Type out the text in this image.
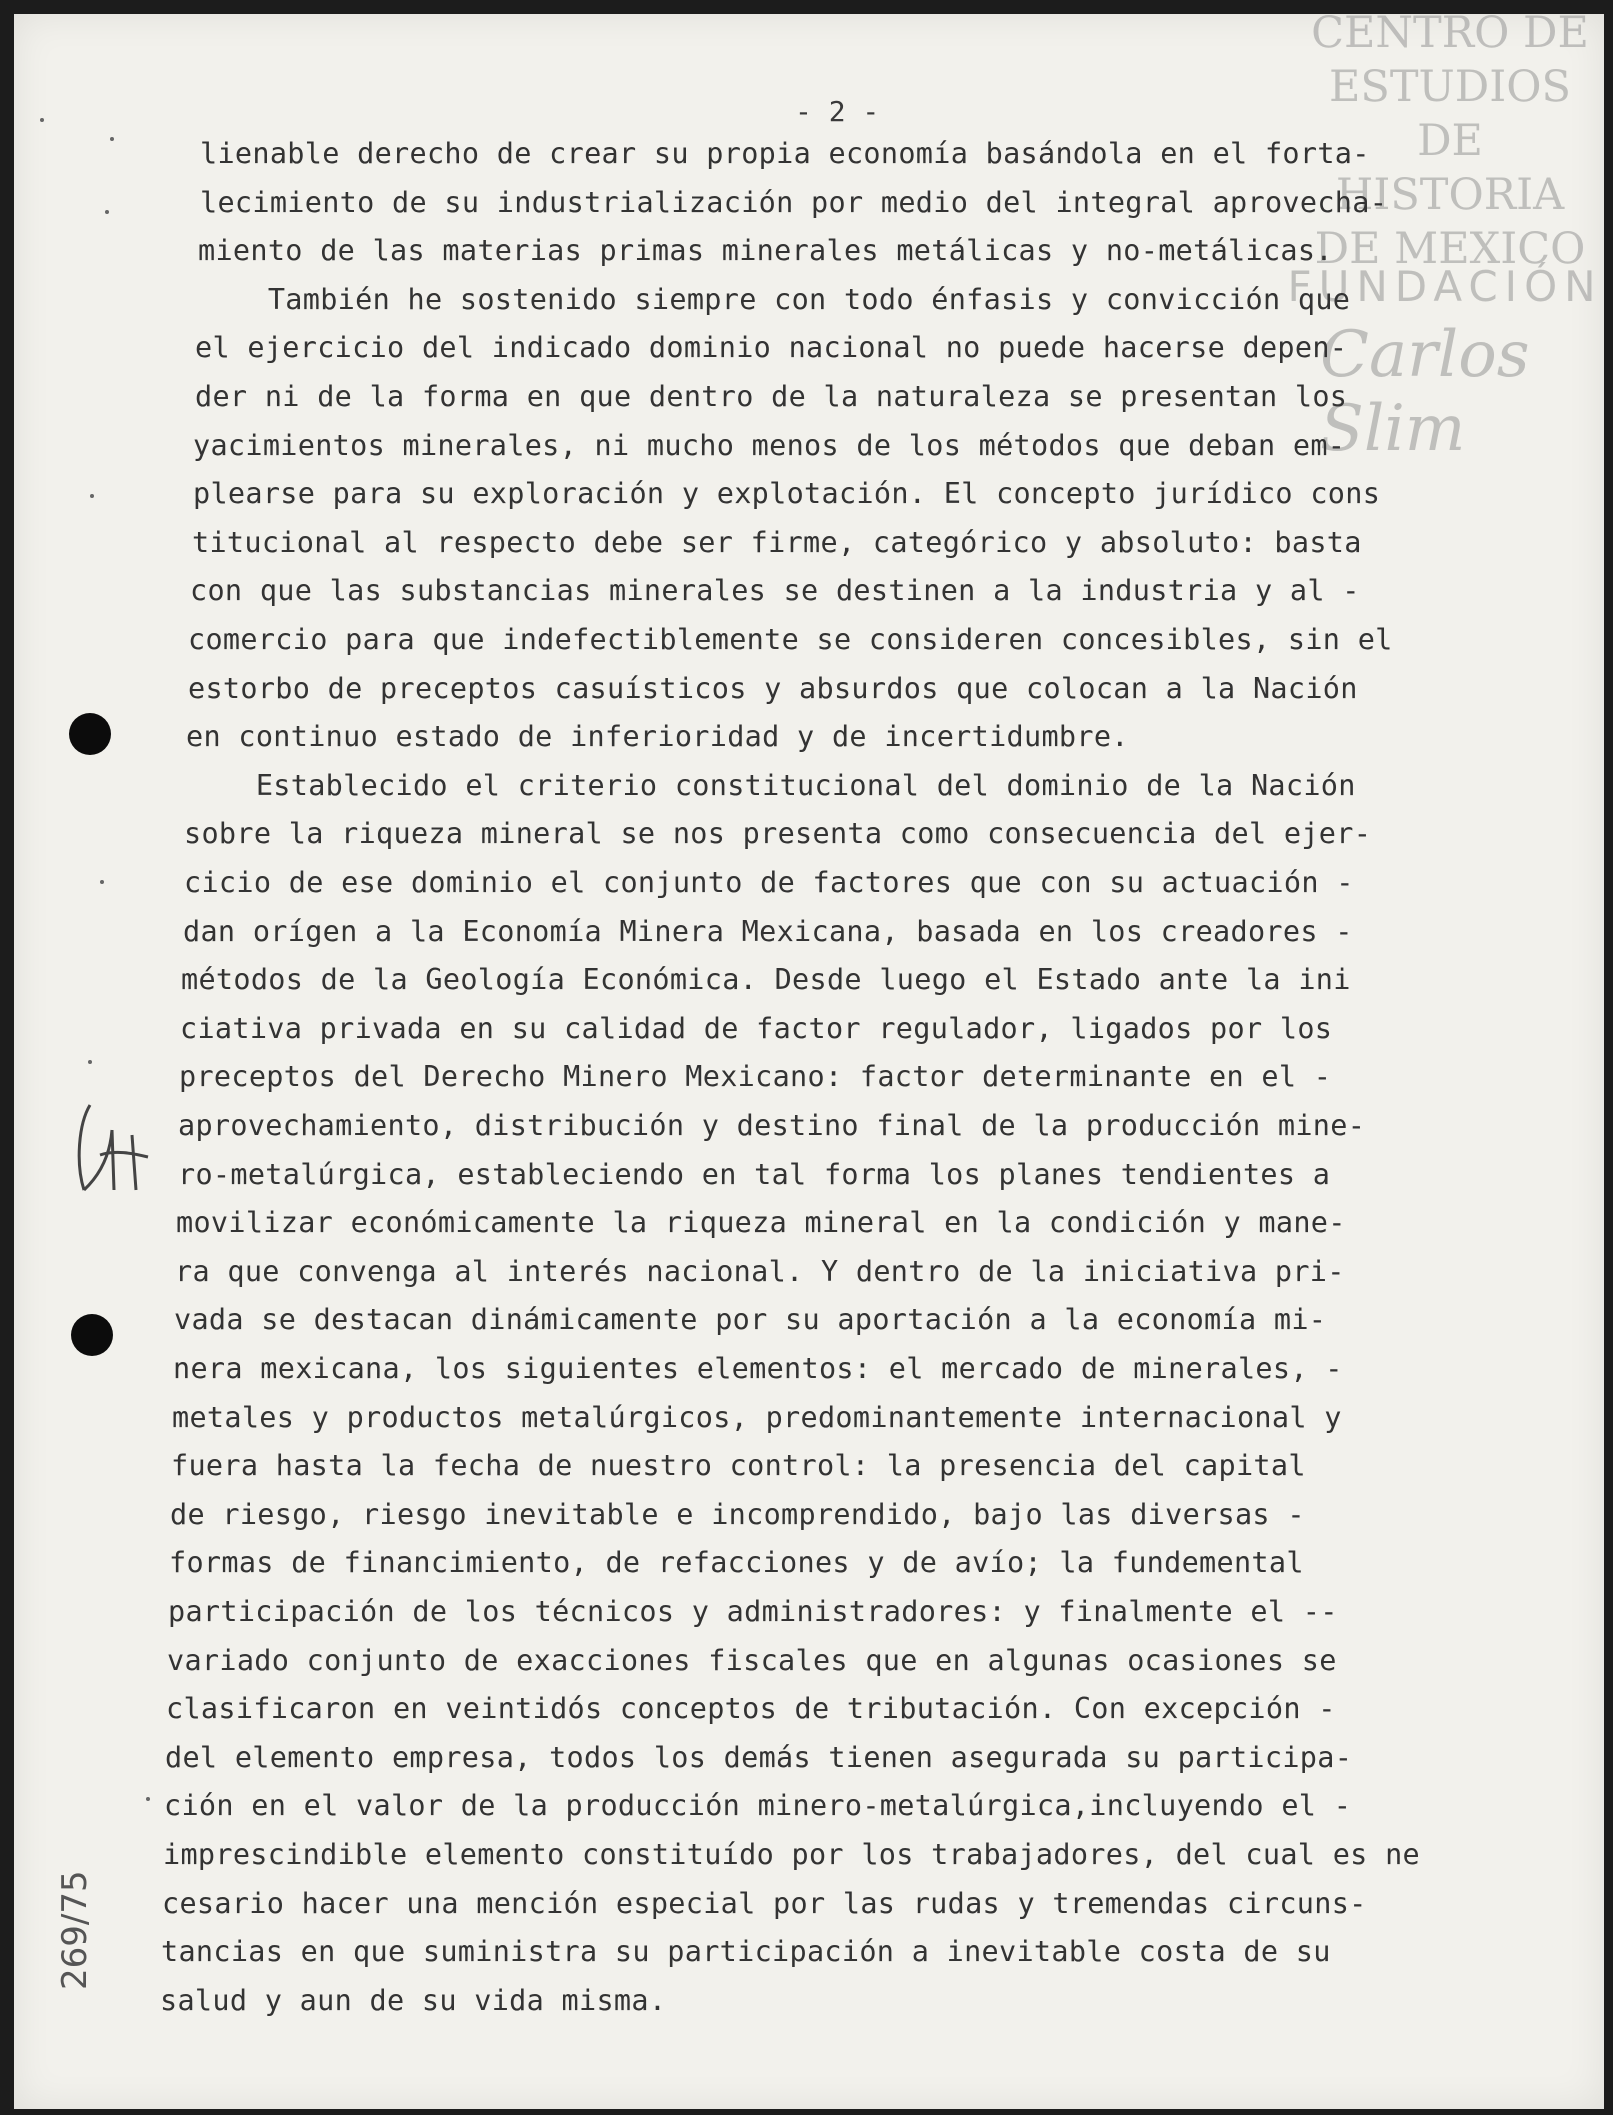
CENTRO DE
ESTUDIOS
DE HISTORIA
DE MEXICO
FUNDACIÓN
Carlos Slim
- 2 -
lienable derecho de crear su propia economía basándola en el forta-
lecimiento de su industrialización por medio del integral aprovecha-
miento de las materias primas minerales metálicas y no-metálicas.
También he sostenido siempre con todo énfasis y convicción que
el ejercicio del indicado dominio nacional no puede hacerse depen-
der ni de la forma en que dentro de la naturaleza se presentan los
yacimientos minerales, ni mucho menos de los métodos que deban em-
plearse para su exploración y explotación. El concepto jurídico cons
titucional al respecto debe ser firme, categórico y absoluto: basta
con que las substancias minerales se destinen a la industria y al -
comercio para que indefectiblemente se consideren concesibles, sin el
estorbo de preceptos casuísticos y absurdos que colocan a la Nación
en continuo estado de inferioridad y de incertidumbre.
Establecido el criterio constitucional del dominio de la Nación
sobre la riqueza mineral se nos presenta como consecuencia del ejer-
cicio de ese dominio el conjunto de factores que con su actuación -
dan orígen a la Economía Minera Mexicana, basada en los creadores -
métodos de la Geología Económica. Desde luego el Estado ante la ini
ciativa privada en su calidad de factor regulador, ligados por los
preceptos del Derecho Minero Mexicano: factor determinante en el -
aprovechamiento, distribución y destino final de la producción mine-
ro-metalúrgica, estableciendo en tal forma los planes tendientes a
movilizar económicamente la riqueza mineral en la condición y mane-
ra que convenga al interés nacional. Y dentro de la iniciativa pri-
vada se destacan dinámicamente por su aportación a la economía mi-
nera mexicana, los siguientes elementos: el mercado de minerales, -
metales y productos metalúrgicos, predominantemente internacional y
fuera hasta la fecha de nuestro control: la presencia del capital
de riesgo, riesgo inevitable e incomprendido, bajo las diversas -
formas de financimiento, de refacciones y de avío; la fundemental
participación de los técnicos y administradores: y finalmente el --
variado conjunto de exacciones fiscales que en algunas ocasiones se
clasificaron en veintidós conceptos de tributación. Con excepción -
del elemento empresa, todos los demás tienen asegurada su participa-
ción en el valor de la producción minero-metalúrgica,incluyendo el -
imprescindible elemento constituído por los trabajadores, del cual es ne
cesario hacer una mención especial por las rudas y tremendas circuns-
tancias en que suministra su participación a inevitable costa de su
salud y aun de su vida misma.
269/75
